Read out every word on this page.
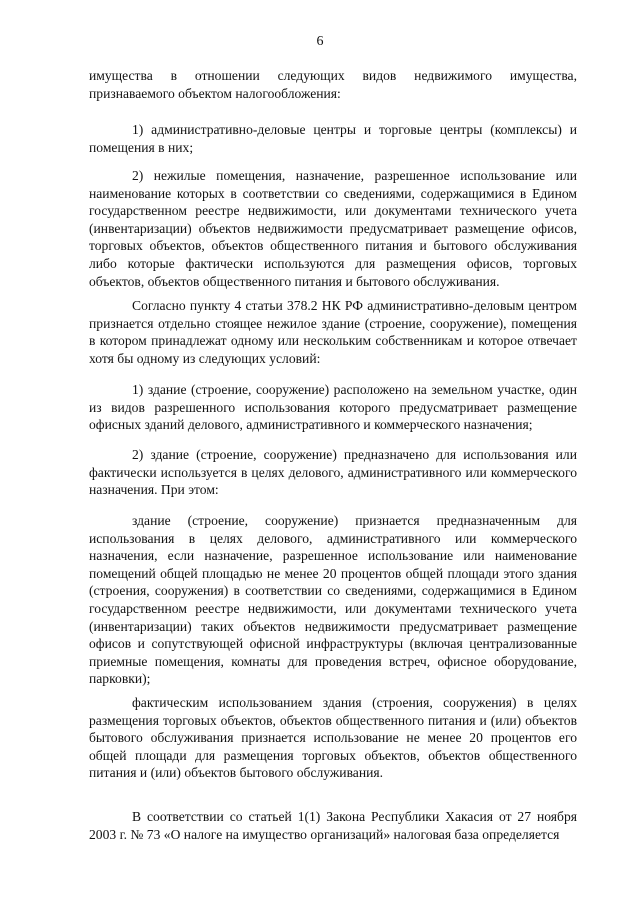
6

имущества в отношении следующих видов недвижимого имущества, признаваемого объектом налогообложения:

1) административно-деловые центры и торговые центры (комплексы) и помещения в них;

2) нежилые помещения, назначение, разрешенное использование или наименование которых в соответствии со сведениями, содержащимися в Едином государственном реестре недвижимости, или документами технического учета (инвентаризации) объектов недвижимости предусматривает размещение офисов, торговых объектов, объектов общественного питания и бытового обслуживания либо которые фактически используются для размещения офисов, торговых объектов, объектов общественного питания и бытового обслуживания.

Согласно пункту 4 статьи 378.2 НК РФ административно-деловым центром признается отдельно стоящее нежилое здание (строение, сооружение), помещения в котором принадлежат одному или нескольким собственникам и которое отвечает хотя бы одному из следующих условий:

1) здание (строение, сооружение) расположено на земельном участке, один из видов разрешенного использования которого предусматривает размещение офисных зданий делового, административного и коммерческого назначения;

2) здание (строение, сооружение) предназначено для использования или фактически используется в целях делового, административного или коммерческого назначения. При этом:

здание (строение, сооружение) признается предназначенным для использования в целях делового, административного или коммерческого назначения, если назначение, разрешенное использование или наименование помещений общей площадью не менее 20 процентов общей площади этого здания (строения, сооружения) в соответствии со сведениями, содержащимися в Едином государственном реестре недвижимости, или документами технического учета (инвентаризации) таких объектов недвижимости предусматривает размещение офисов и сопутствующей офисной инфраструктуры (включая централизованные приемные помещения, комнаты для проведения встреч, офисное оборудование, парковки);

фактическим использованием здания (строения, сооружения) в целях размещения торговых объектов, объектов общественного питания и (или) объектов бытового обслуживания признается использование не менее 20 процентов его общей площади для размещения торговых объектов, объектов общественного питания и (или) объектов бытового обслуживания.

В соответствии со статьей 1(1) Закона Республики Хакасия от 27 ноября 2003 г. № 73 «О налоге на имущество организаций» налоговая база определяется
